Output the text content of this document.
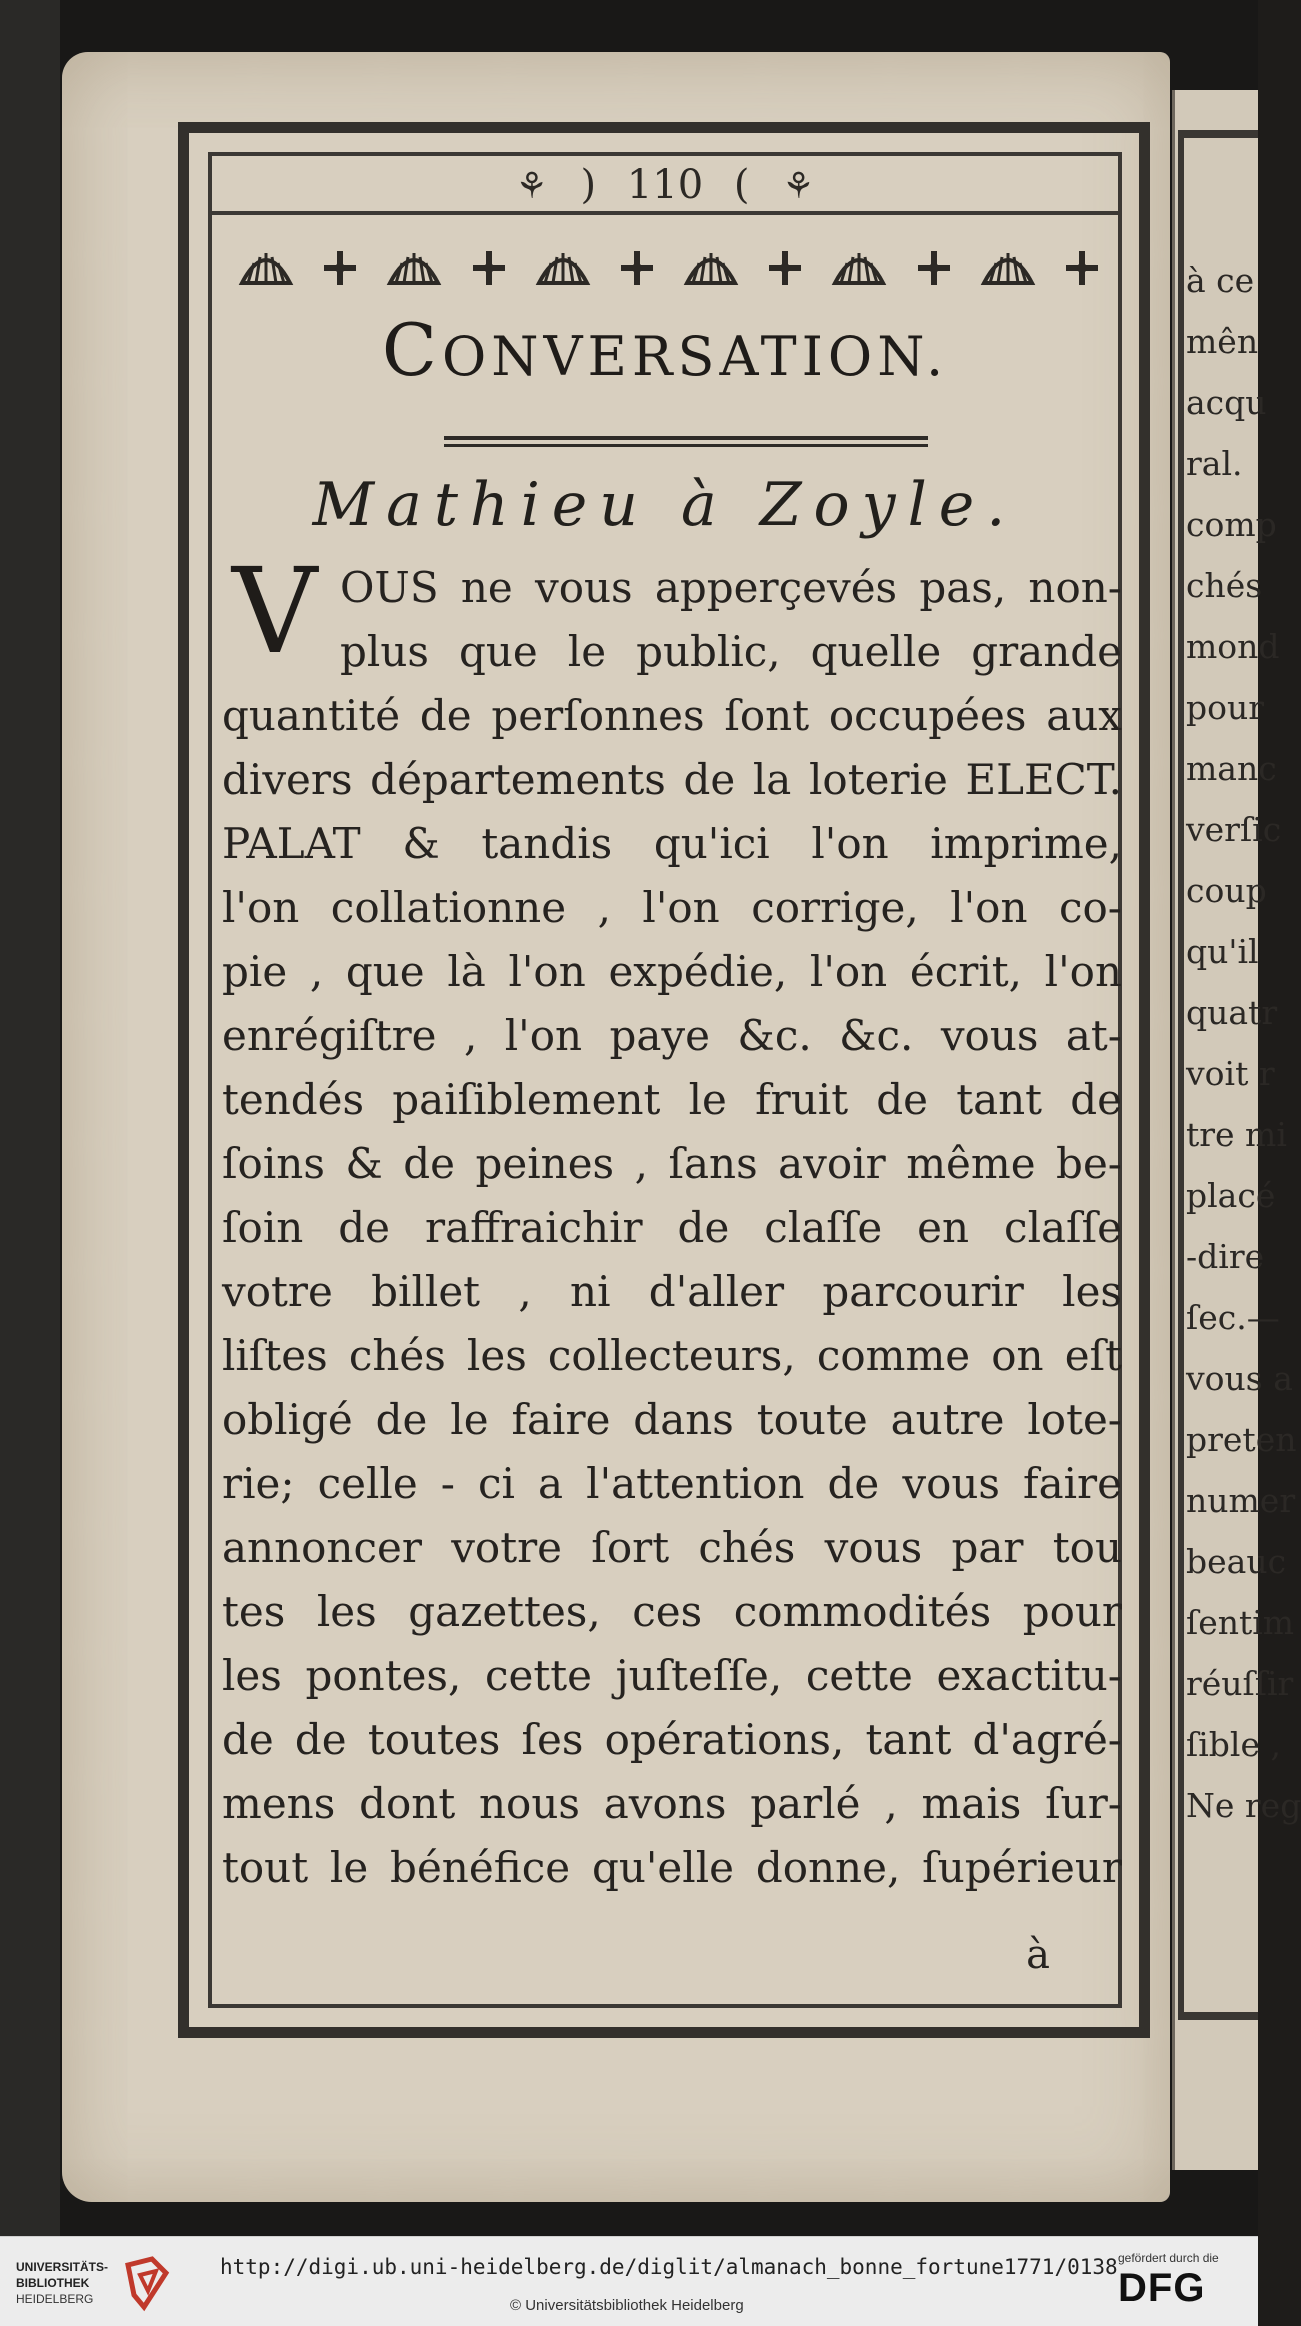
à ce
mên
acqu
ral.
comp
chés
mond
pour
manc
verſic
coup
qu'il
quatr
voit r
tre mi
placé
-dire
ſec.—
vous a
preten
numer
beauc
ſentim
réuſſir
ſible ,
Ne reg
⚘ ) 110 ( ⚘
CONVERSATION.
Mathieu à Zoyle.
V OUS ne vous apperçevés pas, non-
plus que le public, quelle grande
quantité de perſonnes ſont occupées aux
divers départements de la loterie ELECT.
PALAT & tandis qu'ici l'on imprime,
l'on collationne , l'on corrige, l'on co-
pie , que là l'on expédie, l'on écrit, l'on
enrégiſtre , l'on paye &c. &c. vous at-
tendés paiſiblement le fruit de tant de
ſoins & de peines , ſans avoir même be-
ſoin de raffraichir de claſſe en claſſe
votre billet , ni d'aller parcourir les
liſtes chés les collecteurs, comme on eſt
obligé de le faire dans toute autre lote-
rie; celle - ci a l'attention de vous faire
annoncer votre ſort chés vous par tou
tes les gazettes, ces commodités pour
les pontes, cette juſteſſe, cette exactitu-
de de toutes ſes opérations, tant d'agré-
mens dont nous avons parlé , mais ſur-
tout le bénéfice qu'elle donne, ſupérieur
à
UNIVERSITÄTS-
BIBLIOTHEK
HEIDELBERG
http://digi.ub.uni-heidelberg.de/diglit/almanach_bonne_fortune1771/0138
© Universitätsbibliothek Heidelberg
gefördert durch die
DFG
